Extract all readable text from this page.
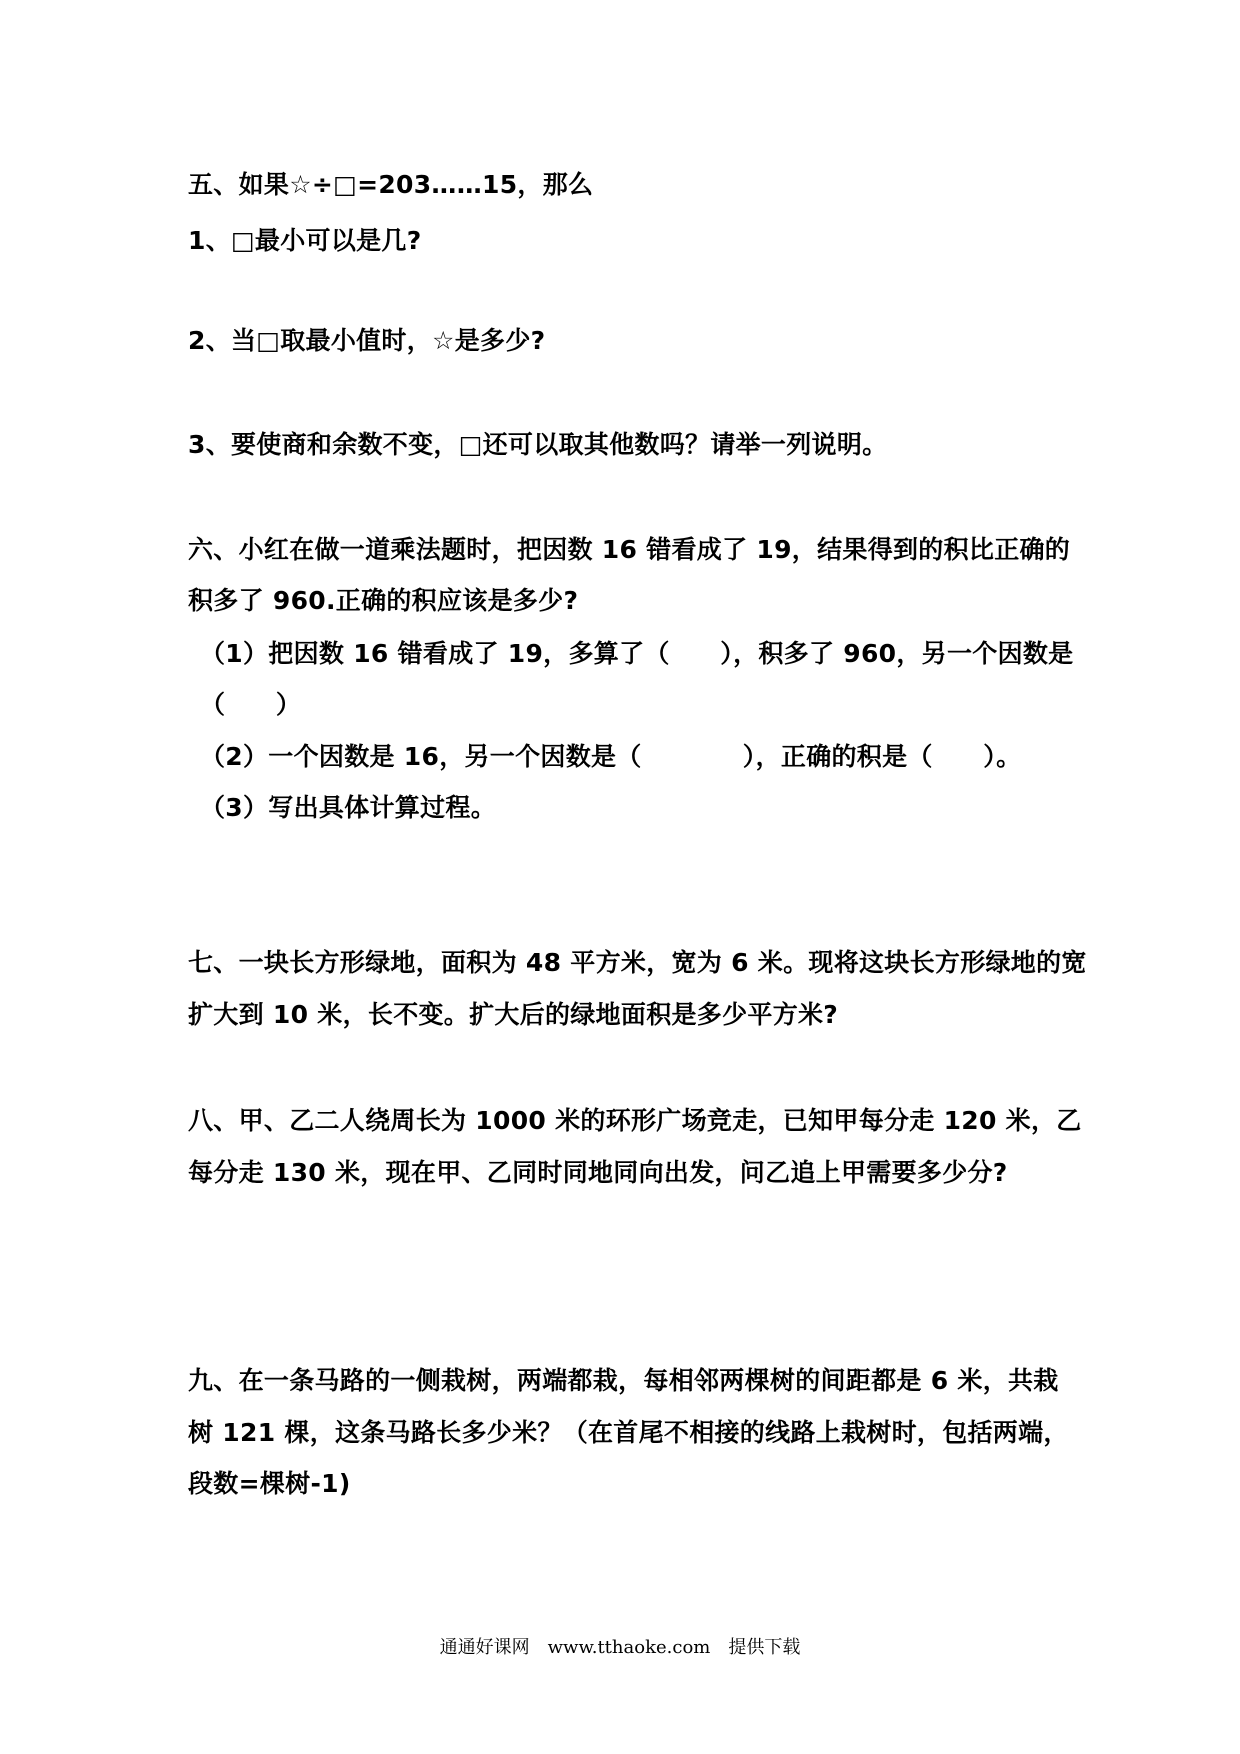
五、如果☆÷□=203……15，那么
1、□最小可以是几?
2、当□取最小值时，☆是多少?
3、要使商和余数不变，□还可以取其他数吗？请举一列说明。
六、小红在做一道乘法题时，把因数 16 错看成了 19，结果得到的积比正确的
积多了 960.正确的积应该是多少?
（1）把因数 16 错看成了 19，多算了（　　），积多了 960，另一个因数是
（　　）
（2）一个因数是 16，另一个因数是（　　　　），正确的积是（　　）。
（3）写出具体计算过程。
七、一块长方形绿地，面积为 48 平方米，宽为 6 米。现将这块长方形绿地的宽
扩大到 10 米，长不变。扩大后的绿地面积是多少平方米?
八、甲、乙二人绕周长为 1000 米的环形广场竞走，已知甲每分走 120 米，乙
每分走 130 米，现在甲、乙同时同地同向出发，问乙追上甲需要多少分?
九、在一条马路的一侧栽树，两端都栽，每相邻两棵树的间距都是 6 米，共栽
树 121 棵，这条马路长多少米？（在首尾不相接的线路上栽树时，包括两端，
段数=棵树-1)
通通好课网　www.tthaoke.com　提供下载
